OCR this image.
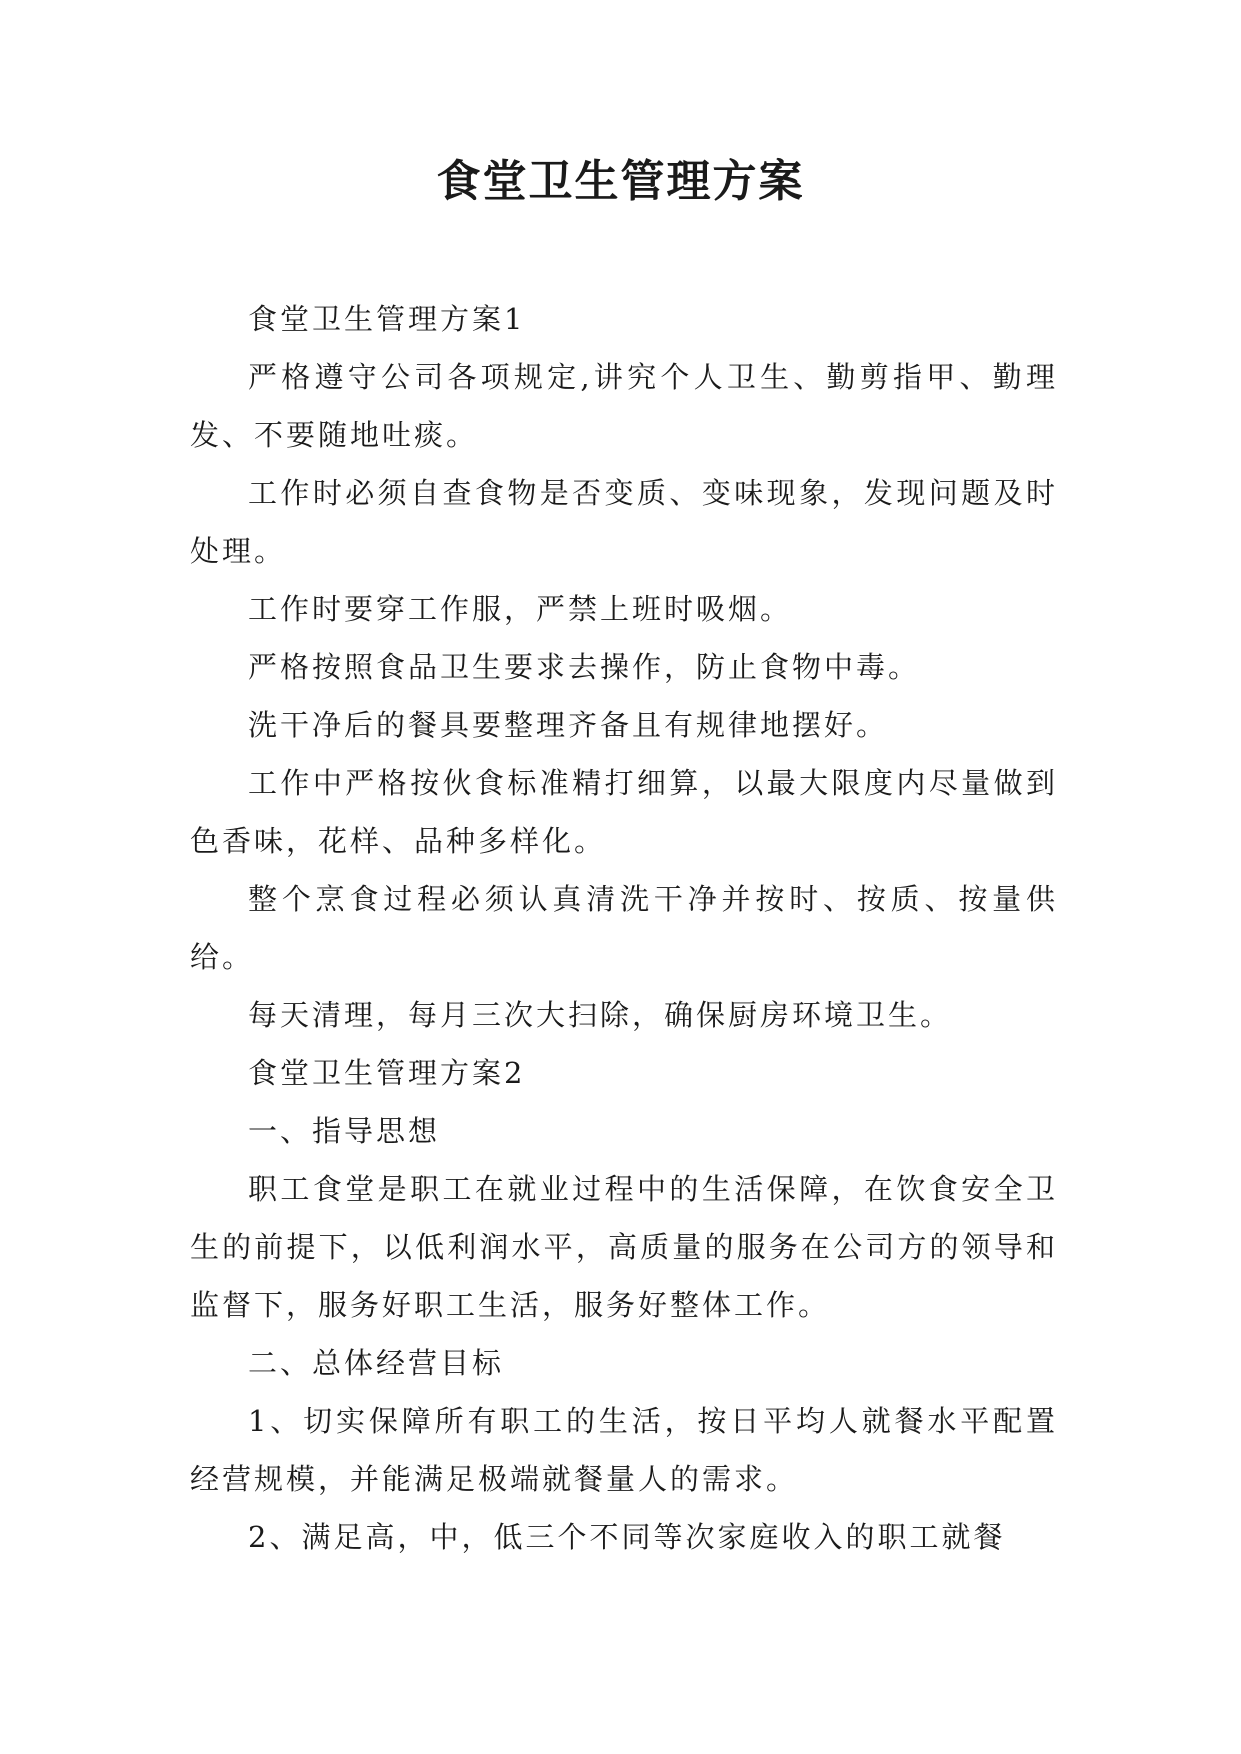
食堂卫生管理方案

食堂卫生管理方案1

严格遵守公司各项规定,讲究个人卫生、勤剪指甲、勤理发、不要随地吐痰。

工作时必须自查食物是否变质、变味现象，发现问题及时处理。

工作时要穿工作服，严禁上班时吸烟。

严格按照食品卫生要求去操作，防止食物中毒。

洗干净后的餐具要整理齐备且有规律地摆好。

工作中严格按伙食标准精打细算，以最大限度内尽量做到色香味，花样、品种多样化。

整个烹食过程必须认真清洗干净并按时、按质、按量供给。

每天清理，每月三次大扫除，确保厨房环境卫生。

食堂卫生管理方案2

一、指导思想

职工食堂是职工在就业过程中的生活保障，在饮食安全卫生的前提下，以低利润水平，高质量的服务在公司方的领导和监督下，服务好职工生活，服务好整体工作。

二、总体经营目标

1、切实保障所有职工的生活，按日平均人就餐水平配置经营规模，并能满足极端就餐量人的需求。

2、满足高，中，低三个不同等次家庭收入的职工就餐
